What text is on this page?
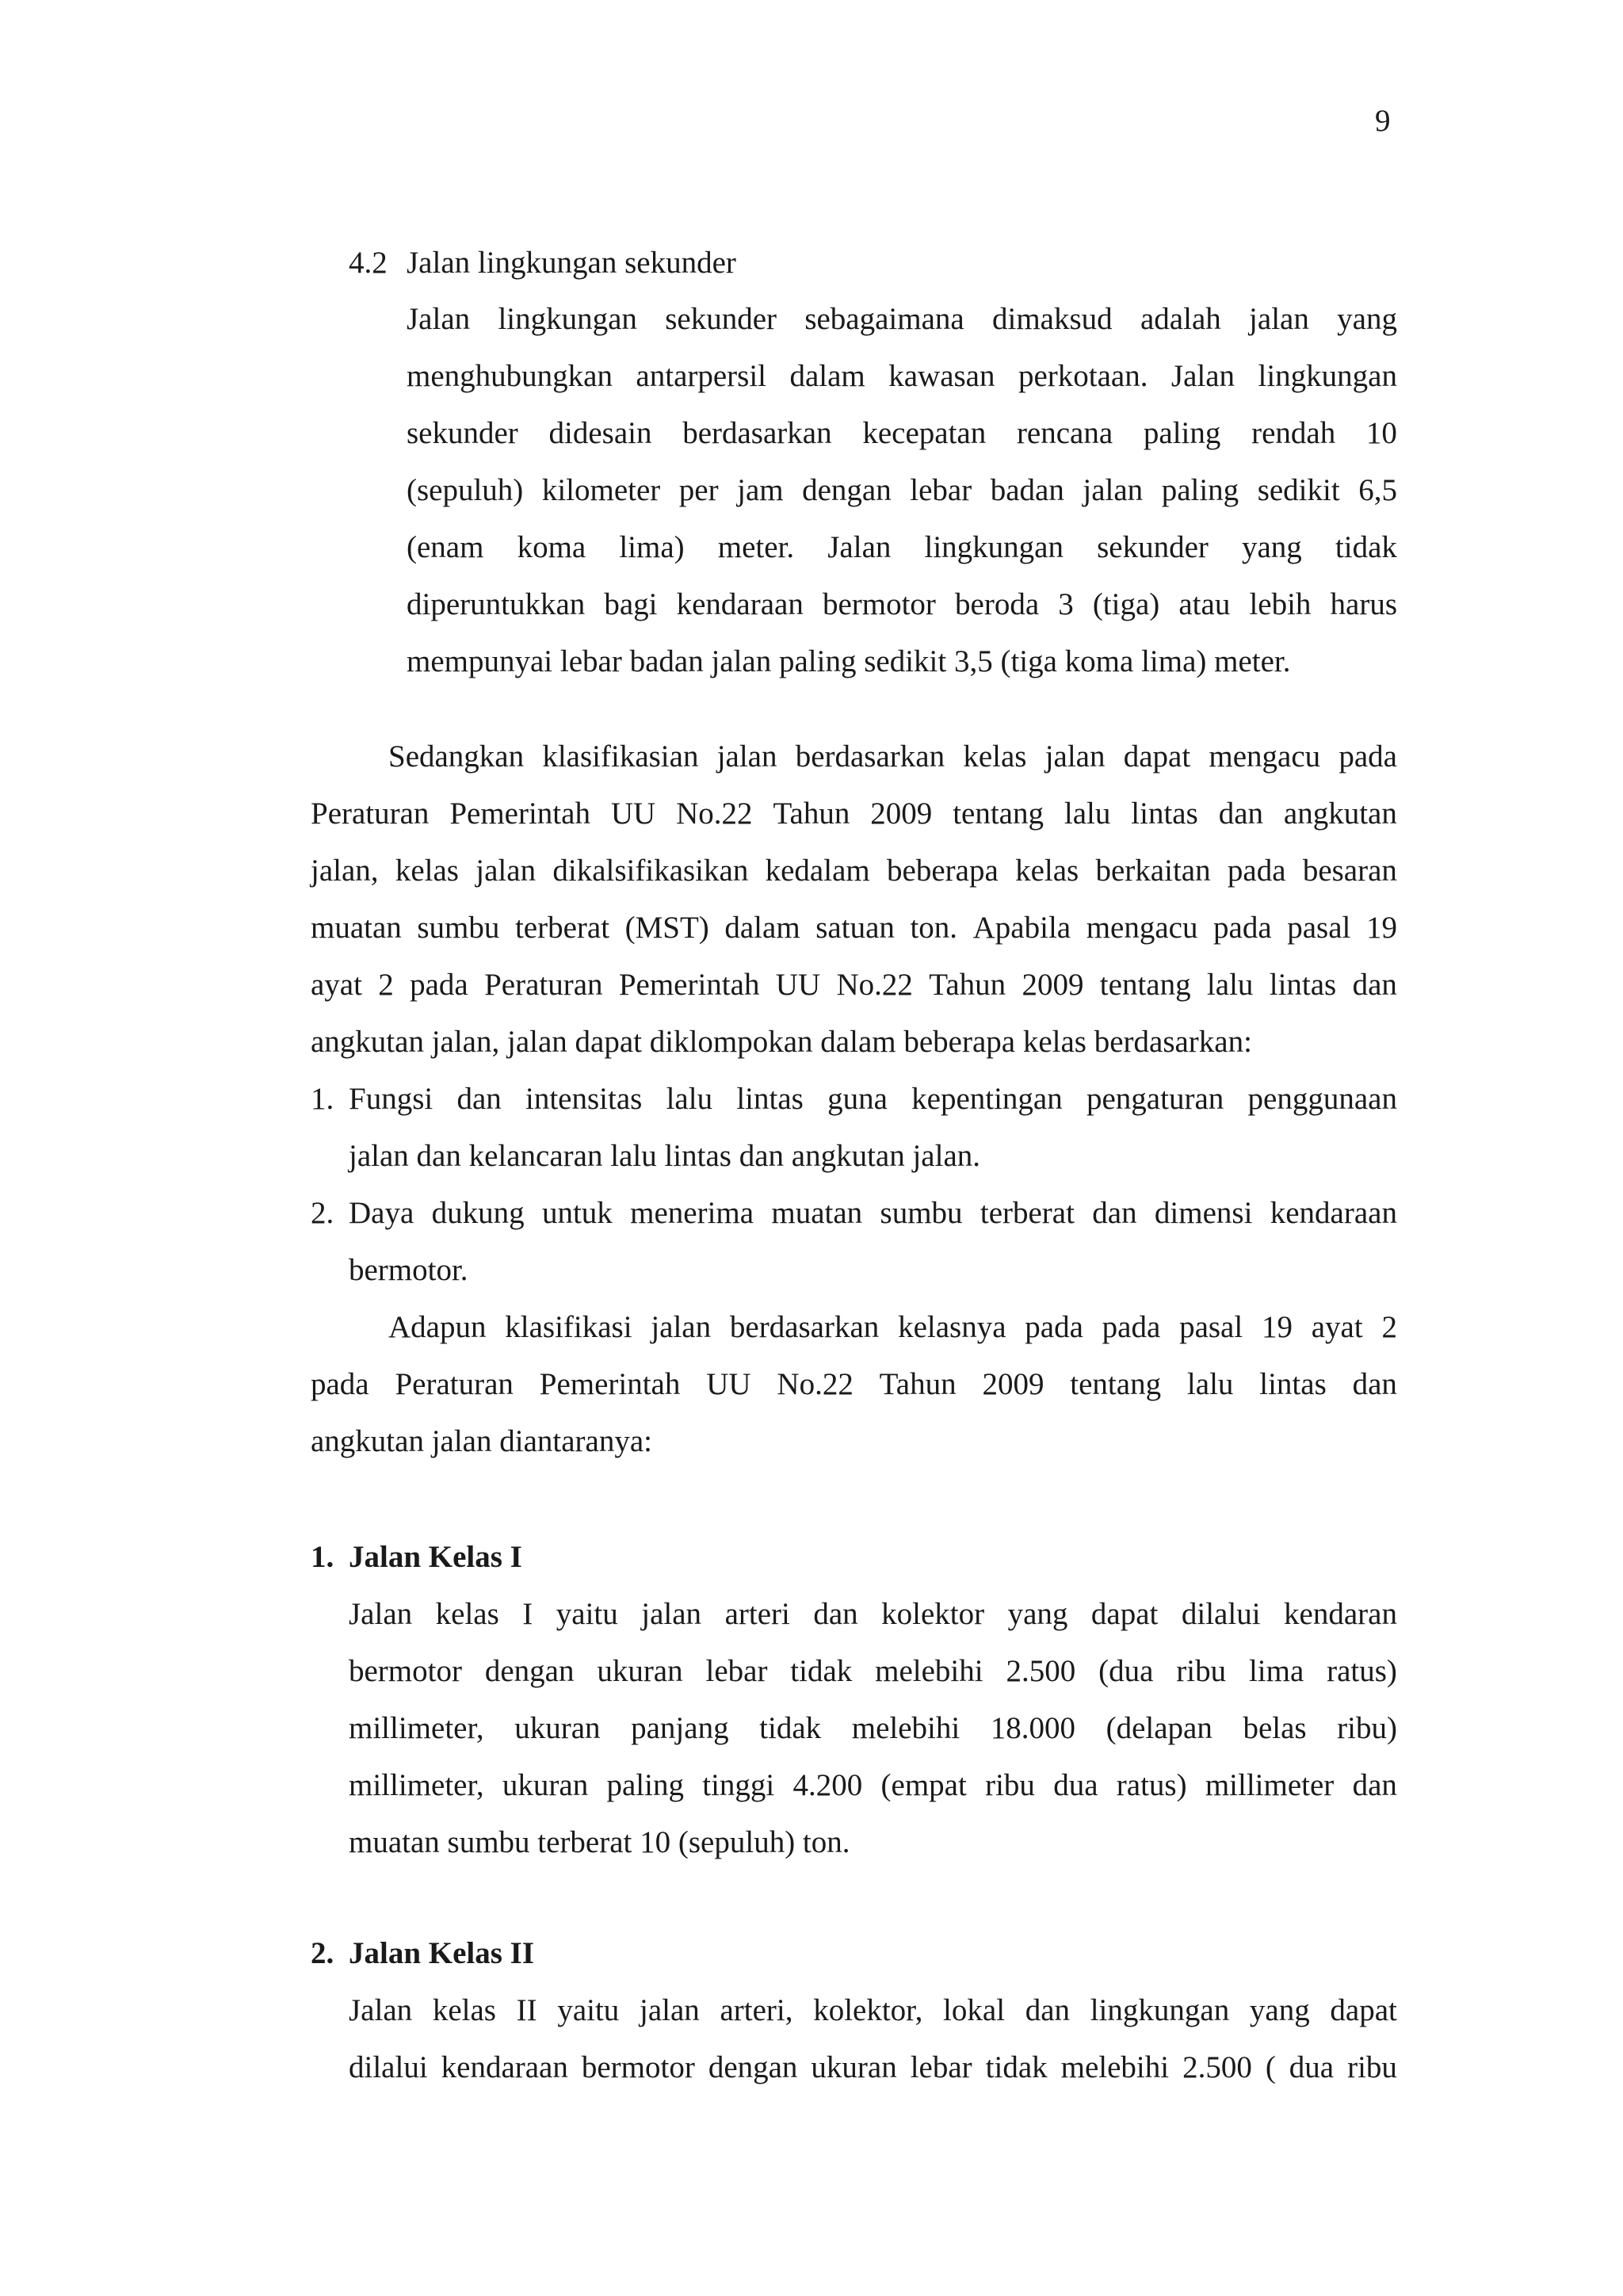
9
4.2 Jalan lingkungan sekunder
Jalan lingkungan sekunder sebagaimana dimaksud adalah jalan yang
menghubungkan antarpersil dalam kawasan perkotaan. Jalan lingkungan
sekunder didesain berdasarkan kecepatan rencana paling rendah 10
(sepuluh) kilometer per jam dengan lebar badan jalan paling sedikit 6,5
(enam koma lima) meter. Jalan lingkungan sekunder yang tidak
diperuntukkan bagi kendaraan bermotor beroda 3 (tiga) atau lebih harus
mempunyai lebar badan jalan paling sedikit 3,5 (tiga koma lima) meter.
Sedangkan klasifikasian jalan berdasarkan kelas jalan dapat mengacu pada
Peraturan Pemerintah UU No.22 Tahun 2009 tentang lalu lintas dan angkutan
jalan, kelas jalan dikalsifikasikan kedalam beberapa kelas berkaitan pada besaran
muatan sumbu terberat (MST) dalam satuan ton. Apabila mengacu pada pasal 19
ayat 2 pada Peraturan Pemerintah UU No.22 Tahun 2009 tentang lalu lintas dan
angkutan jalan, jalan dapat diklompokan dalam beberapa kelas berdasarkan:
1. Fungsi dan intensitas lalu lintas guna kepentingan pengaturan penggunaan
jalan dan kelancaran lalu lintas dan angkutan jalan.
2. Daya dukung untuk menerima muatan sumbu terberat dan dimensi kendaraan
bermotor.
Adapun klasifikasi jalan berdasarkan kelasnya pada pada pasal 19 ayat 2
pada Peraturan Pemerintah UU No.22 Tahun 2009 tentang lalu lintas dan
angkutan jalan diantaranya:
1. Jalan Kelas I
Jalan kelas I yaitu jalan arteri dan kolektor yang dapat dilalui kendaran
bermotor dengan ukuran lebar tidak melebihi 2.500 (dua ribu lima ratus)
millimeter, ukuran panjang tidak melebihi 18.000 (delapan belas ribu)
millimeter, ukuran paling tinggi 4.200 (empat ribu dua ratus) millimeter dan
muatan sumbu terberat 10 (sepuluh) ton.
2. Jalan Kelas II
Jalan kelas II yaitu jalan arteri, kolektor, lokal dan lingkungan yang dapat
dilalui kendaraan bermotor dengan ukuran lebar tidak melebihi 2.500 ( dua ribu
